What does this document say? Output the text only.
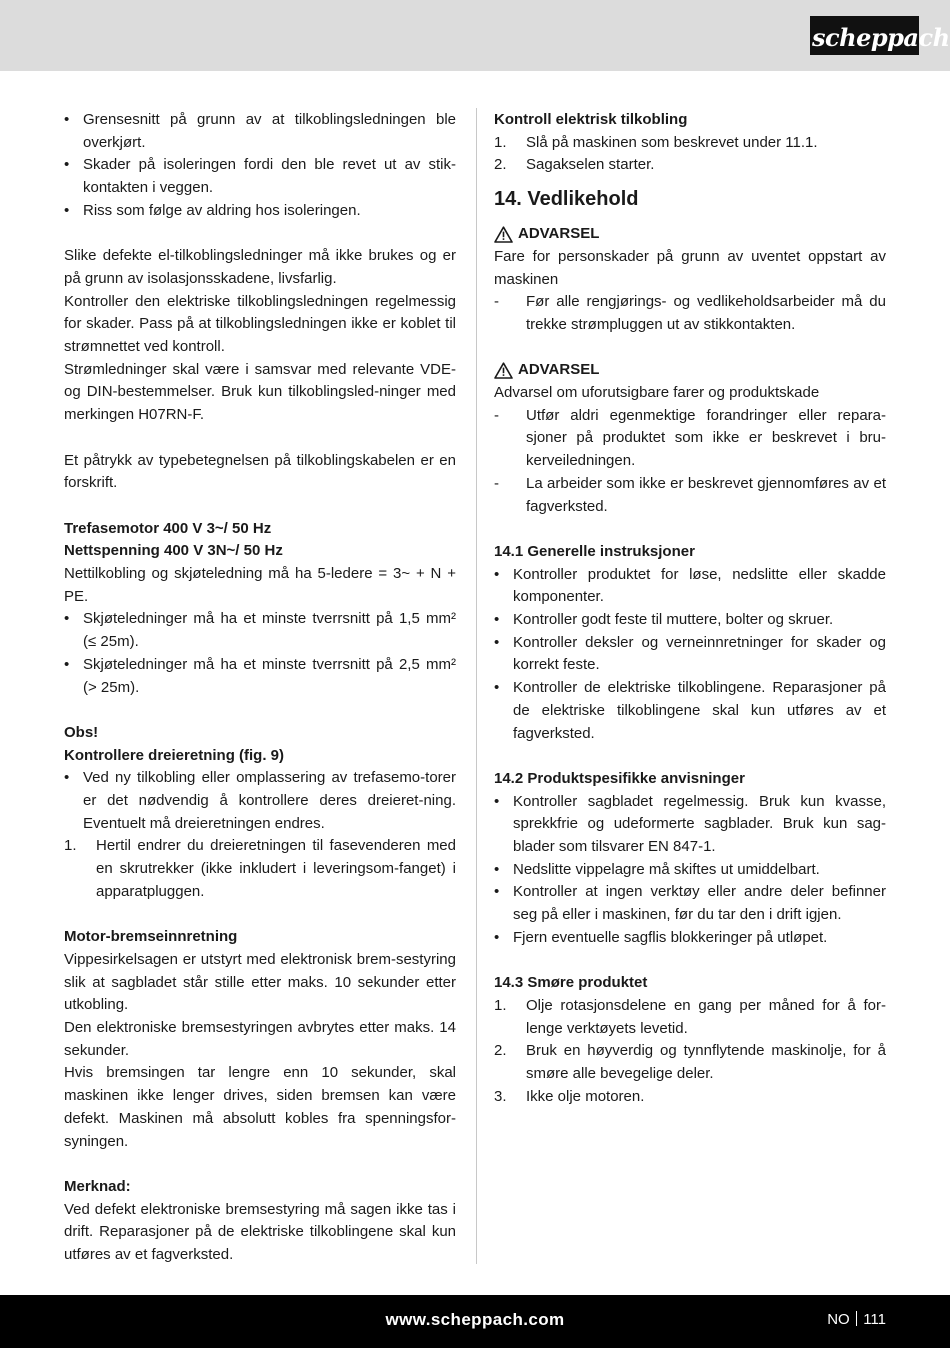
scheppach
• Grensesnitt på grunn av at tilkoblingsledningen ble overkjørt.
• Skader på isoleringen fordi den ble revet ut av stik-kontakten i veggen.
• Riss som følge av aldring hos isoleringen.

Slike defekte el-tilkoblingsledninger må ikke brukes og er på grunn av isolasjonsskadene, livsfarlig.

Kontroller den elektriske tilkoblingsledningen regelmessig for skader. Pass på at tilkoblingsledningen ikke er koblet til strømnettet ved kontroll.

Strømledninger skal være i samsvar med relevante VDE- og DIN-bestemmelser. Bruk kun tilkoblingsled-ninger med merkingen H07RN-F.

Et påtrykk av typebetegnelsen på tilkoblingskabelen er en forskrift.

Trefasemotor 400 V 3~/ 50 Hz

Nettspenning 400 V 3N~/ 50 Hz

Nettilkobling og skjøteledning må ha 5-ledere = 3~ + N + PE.

• Skjøteledninger må ha et minste tverrsnitt på 1,5 mm² (≤ 25m).
• Skjøteledninger må ha et minste tverrsnitt på 2,5 mm² (> 25m).

Obs!

Kontrollere dreieretning (fig. 9)

• Ved ny tilkobling eller omplassering av trefasemo-torer er det nødvendig å kontrollere deres dreieret-ning. Eventuelt må dreieretningen endres.
1. Hertil endrer du dreieretningen til fasevenderen med en skrutrekker (ikke inkludert i leveringsom-fanget) i apparatpluggen.

Motor-bremseinnretning

Vippesirkelsagen er utstyrt med elektronisk brem-sestyring slik at sagbladet står stille etter maks. 10 sekunder etter utkobling.

Den elektroniske bremsestyringen avbrytes etter maks. 14 sekunder.

Hvis bremsingen tar lengre enn 10 sekunder, skal maskinen ikke lenger drives, siden bremsen kan være defekt. Maskinen må absolutt kobles fra spenningsfor-syningen.

Merknad:

Ved defekt elektroniske bremsestyring må sagen ikke tas i drift. Reparasjoner på de elektriske tilkoblingene skal kun utføres av et fagverksted.

Kontroll elektrisk tilkobling

1. Slå på maskinen som beskrevet under 11.1.
2. Sagakselen starter.
14. Vedlikehold
ADVARSEL

Fare for personskader på grunn av uventet oppstart av maskinen

- Før alle rengjørings- og vedlikeholdsarbeider må du trekke strømpluggen ut av stikkontakten.
ADVARSEL

Advarsel om uforutsigbare farer og produktskade

- Utfør aldri egenmektige forandringer eller repara-sjoner på produktet som ikke er beskrevet i bru-kerveiledningen.
- La arbeider som ikke er beskrevet gjennomføres av et fagverksted.

14.1 Generelle instruksjoner

• Kontroller produktet for løse, nedslitte eller skadde komponenter.
• Kontroller godt feste til muttere, bolter og skruer.
• Kontroller deksler og verneinnretninger for skader og korrekt feste.
• Kontroller de elektriske tilkoblingene. Reparasjoner på de elektriske tilkoblingene skal kun utføres av et fagverksted.

14.2 Produktspesifikke anvisninger

• Kontroller sagbladet regelmessig. Bruk kun kvasse, sprekkfrie og udeformerte sagblader. Bruk kun sag-blader som tilsvarer EN 847-1.
• Nedslitte vippelagre må skiftes ut umiddelbart.
• Kontroller at ingen verktøy eller andre deler befinner seg på eller i maskinen, før du tar den i drift igjen.
• Fjern eventuelle sagflis blokkeringer på utløpet.

14.3 Smøre produktet

1. Olje rotasjonsdelene en gang per måned for å for-lenge verktøyets levetid.
2. Bruk en høyverdig og tynnflytende maskinolje, for å smøre alle bevegelige deler.
3. Ikke olje motoren.
www.scheppach.com	NO 111
